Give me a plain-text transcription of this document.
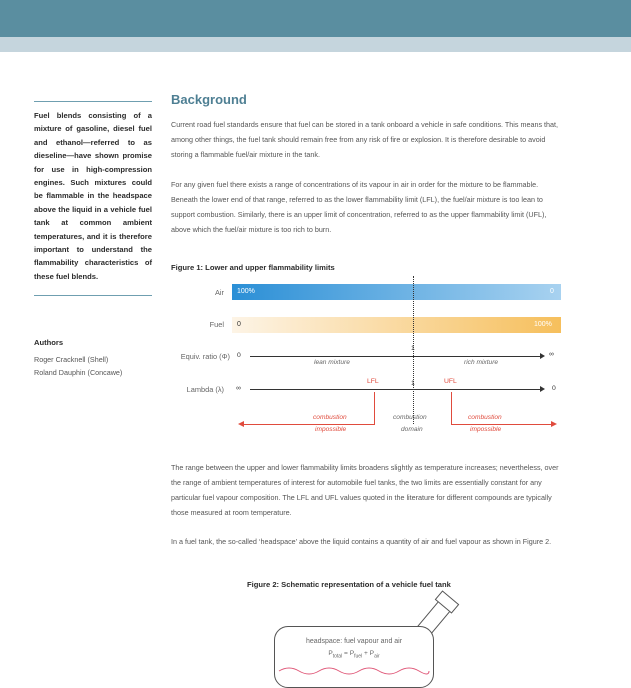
Fuel blends consisting of a mixture of gasoline, diesel fuel and ethanol—referred to as dieseline—have shown promise for use in high-compression engines. Such mixtures could be flammable in the headspace above the liquid in a vehicle fuel tank at common ambient temperatures, and it is therefore important to understand the flammability characteristics of these fuel blends.
Authors
Roger Cracknell (Shell)
Roland Dauphin (Concawe)
Background
Current road fuel standards ensure that fuel can be stored in a tank onboard a vehicle in safe conditions. This means that, among other things, the fuel tank should remain free from any risk of fire or explosion. It is therefore desirable to avoid storing a flammable fuel/air mixture in the tank.
For any given fuel there exists a range of concentrations of its vapour in air in order for the mixture to be flammable. Beneath the lower end of that range, referred to as the lower flammability limit (LFL), the fuel/air mixture is too lean to support combustion. Similarly, there is an upper limit of concentration, referred to as the upper flammability limit (UFL), above which the fuel/air mixture is too rich to burn.
Figure 1: Lower and upper flammability limits
Air 100%	0
Fuel 0	100%
Equiv. ratio (Φ) 0
1
∞
lean mixture	rich mixture
Lambda (λ) ∞
1
0
LFL	UFL
combustion
impossible
combustion
domain
combustion
impossible
The range between the upper and lower flammability limits broadens slightly as temperature increases; nevertheless, over the range of ambient temperatures of interest for automobile fuel tanks, the two limits are essentially constant for any particular fuel vapour composition. The LFL and UFL values quoted in the literature for different compounds are typically those measured at room temperature.
In a fuel tank, the so-called ‘headspace’ above the liquid contains a quantity of air and fuel vapour as shown in Figure 2.
Figure 2: Schematic representation of a vehicle fuel tank
headspace: fuel vapour and air
$P_{total} = P_{fuel} + P_{air}$
